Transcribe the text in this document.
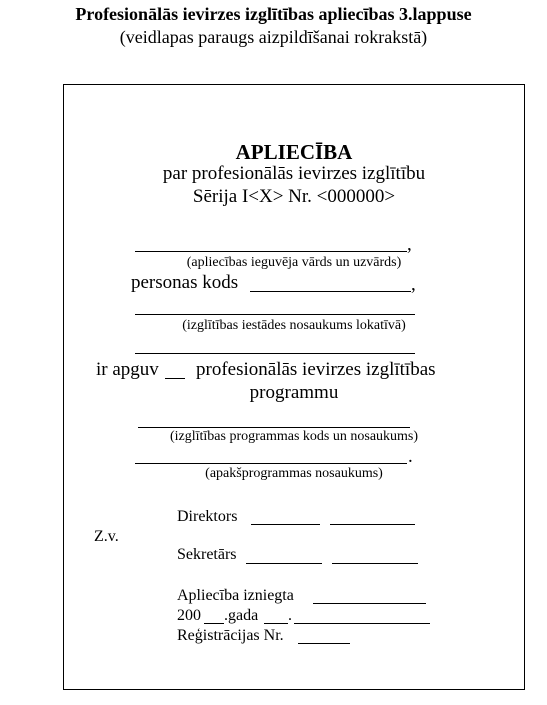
Profesionālās ievirzes izglītības apliecības 3.lappuse
(veidlapas paraugs aizpildīšanai rokrakstā)
APLIECĪBA
par profesionālās ievirzes izglītību
Sērija I<X> Nr. <000000>
,
(apliecības ieguvēja vārds un uzvārds)
personas kods	,
(izglītības iestādes nosaukums lokatīvā)
ir apguv profesionālās ievirzes izglītības
programmu
(izglītības programmas kods un nosaukums)
.
(apakšprogrammas nosaukums)
Direktors
Z.v.
Sekretārs
Apliecība izniegta
200 .gada .
Reģistrācijas Nr.
